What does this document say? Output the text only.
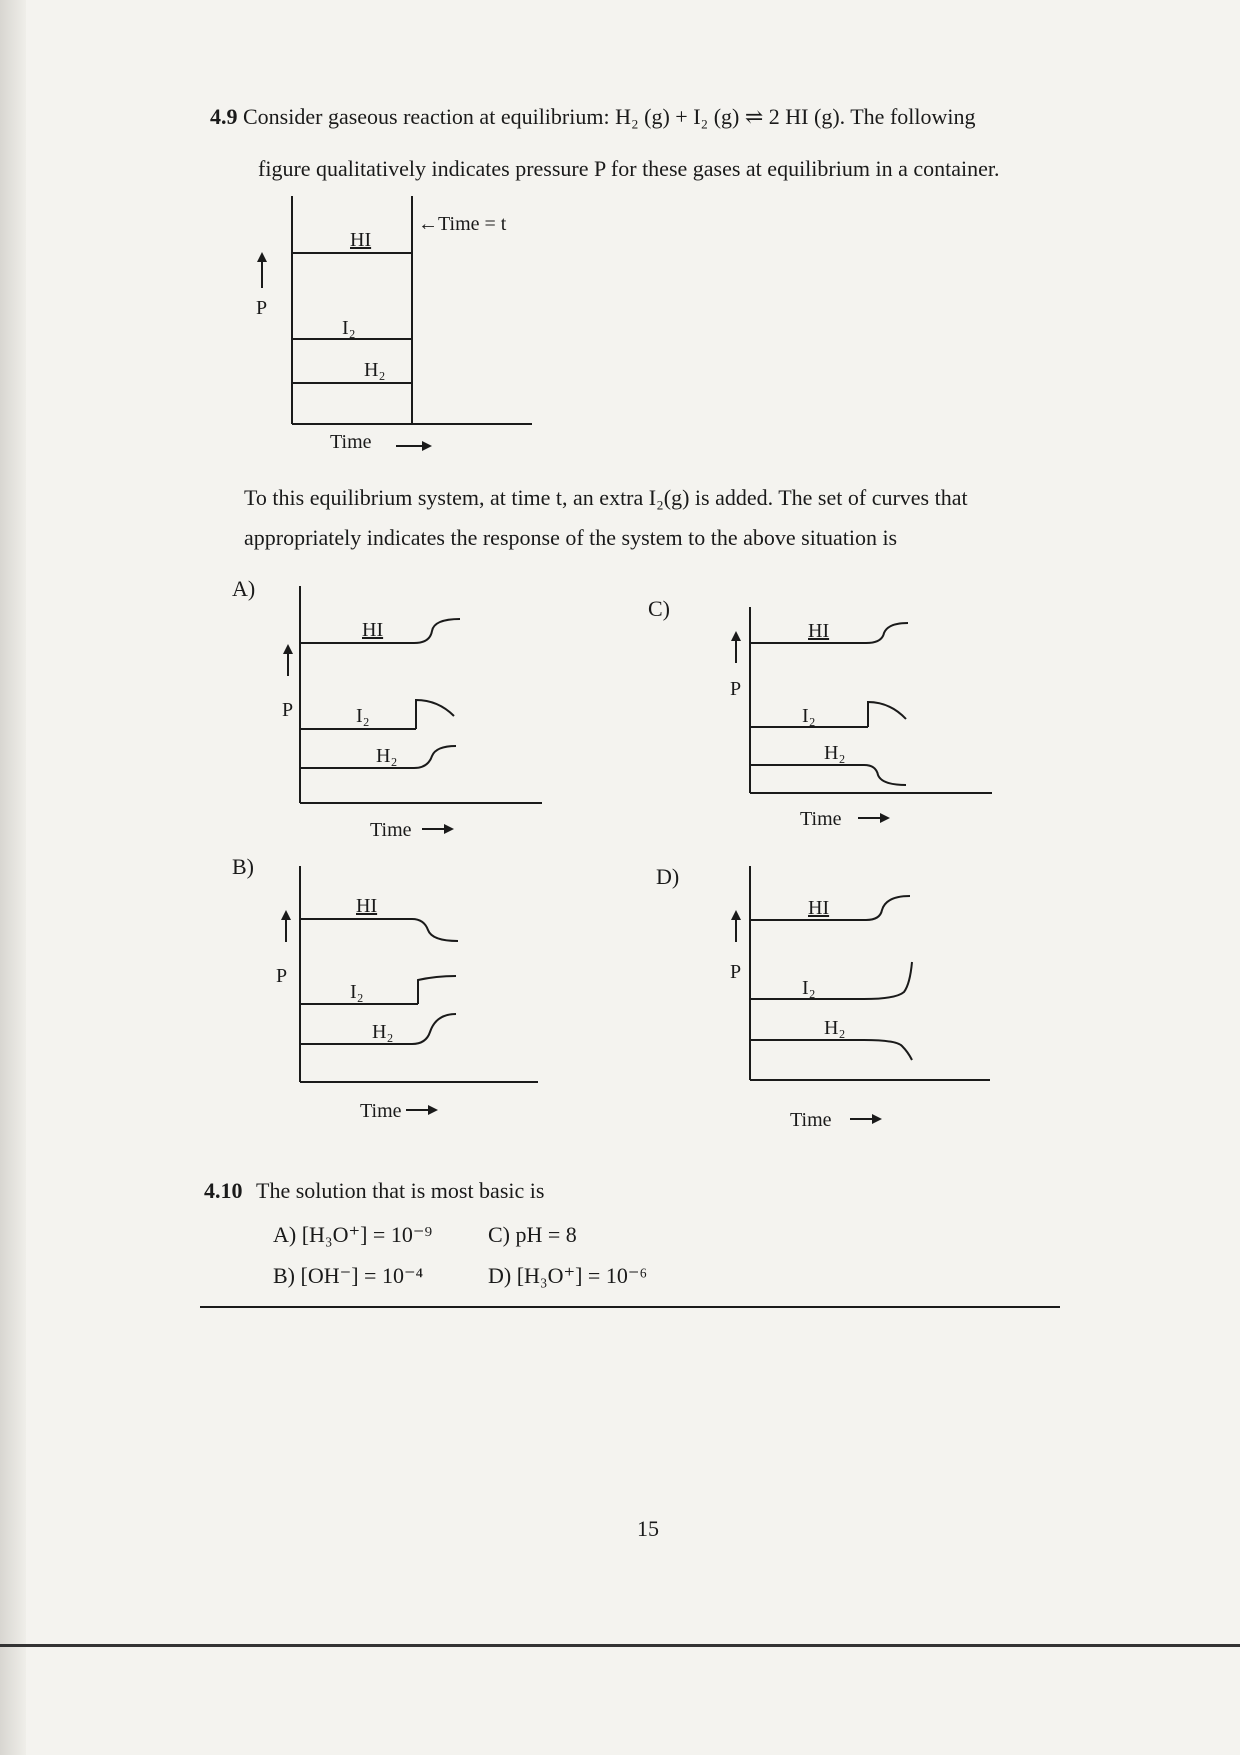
4.9 Consider gaseous reaction at equilibrium: H₂ (g) + I₂ (g) ⇌ 2 HI (g). The following
figure qualitatively indicates pressure P for these gases at equilibrium in a container.
P
HI
I₂
H₂
←Time = t
Time
To this equilibrium system, at time t, an extra I₂(g) is added. The set of curves that
appropriately indicates the response of the system to the above situation is
A)
P
HI
I₂
H₂
Time
C)
P
HI
I₂
H₂
Time
B)
P
HI
I₂
H₂
Time
D)
P
HI
I₂
H₂
Time
4.10 The solution that is most basic is
A) [H₃O⁺] = 10⁻⁹	C) pH = 8
B) [OH⁻] = 10⁻⁴	D) [H₃O⁺] = 10⁻⁶
15
